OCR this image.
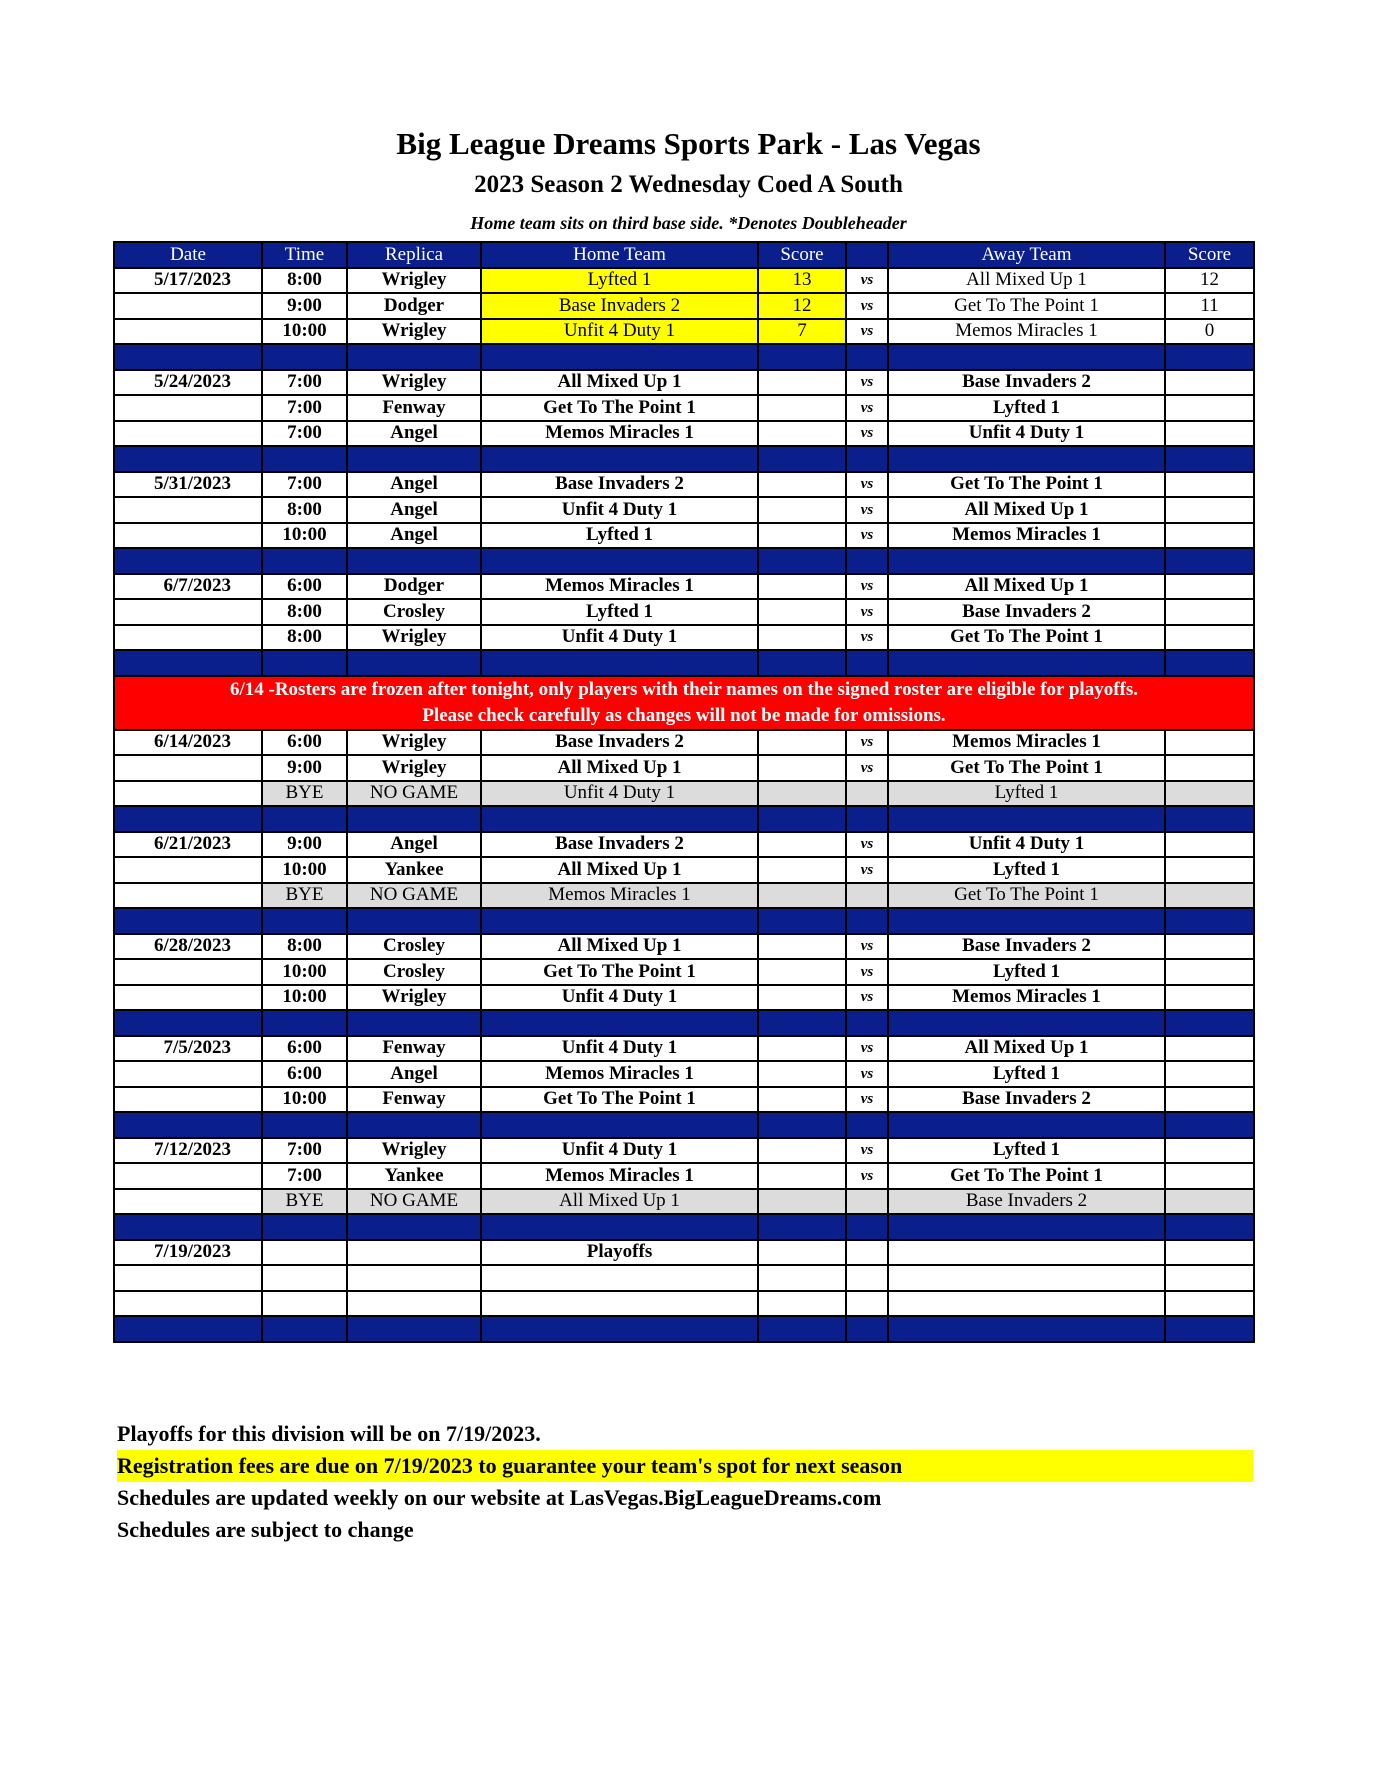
Big League Dreams Sports Park - Las Vegas
2023 Season 2 Wednesday Coed A South
Home team sits on third base side. *Denotes Doubleheader
Date	Time	Replica	Home Team	Score		Away Team	Score
5/17/2023	8:00	Wrigley	Lyfted 1	13	vs	All Mixed Up 1	12
	9:00	Dodger	Base Invaders 2	12	vs	Get To The Point 1	11
	10:00	Wrigley	Unfit 4 Duty 1	7	vs	Memos Miracles 1	0

5/24/2023	7:00	Wrigley	All Mixed Up 1		vs	Base Invaders 2	
	7:00	Fenway	Get To The Point 1		vs	Lyfted 1	
	7:00	Angel	Memos Miracles 1		vs	Unfit 4 Duty 1	

5/31/2023	7:00	Angel	Base Invaders 2		vs	Get To The Point 1	
	8:00	Angel	Unfit 4 Duty 1		vs	All Mixed Up 1	
	10:00	Angel	Lyfted 1		vs	Memos Miracles 1	

6/7/2023	6:00	Dodger	Memos Miracles 1		vs	All Mixed Up 1	
	8:00	Crosley	Lyfted 1		vs	Base Invaders 2	
	8:00	Wrigley	Unfit 4 Duty 1		vs	Get To The Point 1	

6/14 -Rosters are frozen after tonight, only players with their names on the signed roster are eligible for playoffs.
Please check carefully as changes will not be made for omissions.							

6/14/2023	6:00	Wrigley	Base Invaders 2		vs	Memos Miracles 1	
	9:00	Wrigley	All Mixed Up 1		vs	Get To The Point 1	
	BYE	NO GAME	Unfit 4 Duty 1			Lyfted 1	

6/21/2023	9:00	Angel	Base Invaders 2		vs	Unfit 4 Duty 1	
	10:00	Yankee	All Mixed Up 1		vs	Lyfted 1	
	BYE	NO GAME	Memos Miracles 1			Get To The Point 1	

6/28/2023	8:00	Crosley	All Mixed Up 1		vs	Base Invaders 2	
	10:00	Crosley	Get To The Point 1		vs	Lyfted 1	
	10:00	Wrigley	Unfit 4 Duty 1		vs	Memos Miracles 1	

7/5/2023	6:00	Fenway	Unfit 4 Duty 1		vs	All Mixed Up 1	
	6:00	Angel	Memos Miracles 1		vs	Lyfted 1	
	10:00	Fenway	Get To The Point 1		vs	Base Invaders 2	

7/12/2023	7:00	Wrigley	Unfit 4 Duty 1		vs	Lyfted 1	
	7:00	Yankee	Memos Miracles 1		vs	Get To The Point 1	
	BYE	NO GAME	All Mixed Up 1			Base Invaders 2	

7/19/2023			Playoffs				

Playoffs for this division will be on 7/19/2023.
Registration fees are due on 7/19/2023 to guarantee your team's spot for next season
Schedules are updated weekly on our website at LasVegas.BigLeagueDreams.com
Schedules are subject to change
